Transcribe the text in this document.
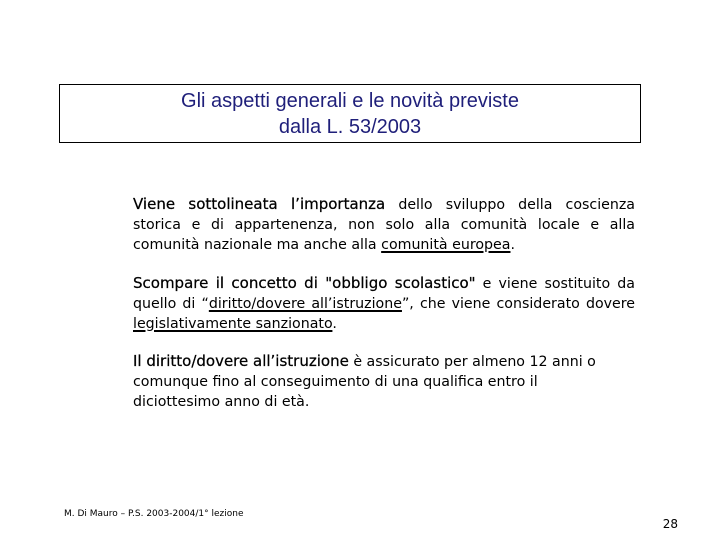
Gli aspetti generali e le novità previste
dalla L. 53/2003
Viene sottolineata l’importanza dello sviluppo della coscienza storica e di appartenenza, non solo alla comunità locale e alla comunità nazionale ma anche alla comunità europea.
Scompare il concetto di "obbligo scolastico" e viene sostituito da quello di “diritto/dovere all’istruzione”, che viene considerato dovere legislativamente sanzionato.
Il diritto/dovere all’istruzione è assicurato per almeno 12 anni o comunque fino al conseguimento di una qualifica entro il diciottesimo anno di età.
M. Di Mauro – P.S. 2003-2004/1° lezione
28
